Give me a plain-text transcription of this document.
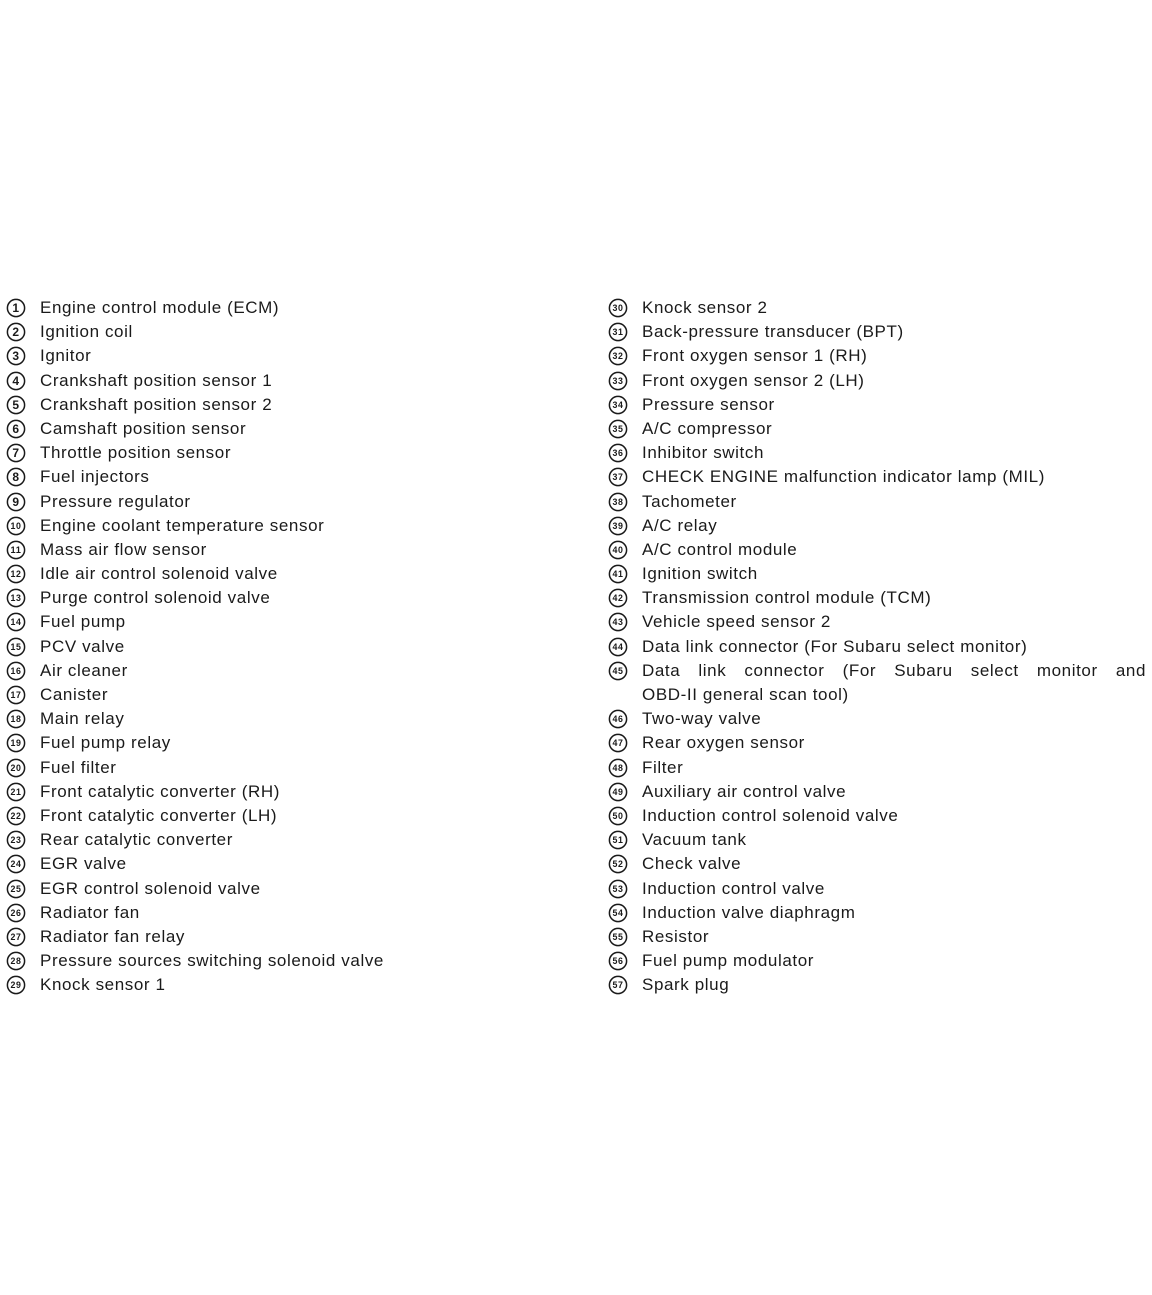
1 Engine control module (ECM)
2 Ignition coil
3 Ignitor
4 Crankshaft position sensor 1
5 Crankshaft position sensor 2
6 Camshaft position sensor
7 Throttle position sensor
8 Fuel injectors
9 Pressure regulator
10 Engine coolant temperature sensor
11 Mass air flow sensor
12 Idle air control solenoid valve
13 Purge control solenoid valve
14 Fuel pump
15 PCV valve
16 Air cleaner
17 Canister
18 Main relay
19 Fuel pump relay
20 Fuel filter
21 Front catalytic converter (RH)
22 Front catalytic converter (LH)
23 Rear catalytic converter
24 EGR valve
25 EGR control solenoid valve
26 Radiator fan
27 Radiator fan relay
28 Pressure sources switching solenoid valve
29 Knock sensor 1
30 Knock sensor 2
31 Back-pressure transducer (BPT)
32 Front oxygen sensor 1 (RH)
33 Front oxygen sensor 2 (LH)
34 Pressure sensor
35 A/C compressor
36 Inhibitor switch
37 CHECK ENGINE malfunction indicator lamp (MIL)
38 Tachometer
39 A/C relay
40 A/C control module
41 Ignition switch
42 Transmission control module (TCM)
43 Vehicle speed sensor 2
44 Data link connector (For Subaru select monitor)
45 Data link connector (For Subaru select monitor and
OBD-II general scan tool)
46 Two-way valve
47 Rear oxygen sensor
48 Filter
49 Auxiliary air control valve
50 Induction control solenoid valve
51 Vacuum tank
52 Check valve
53 Induction control valve
54 Induction valve diaphragm
55 Resistor
56 Fuel pump modulator
57 Spark plug
